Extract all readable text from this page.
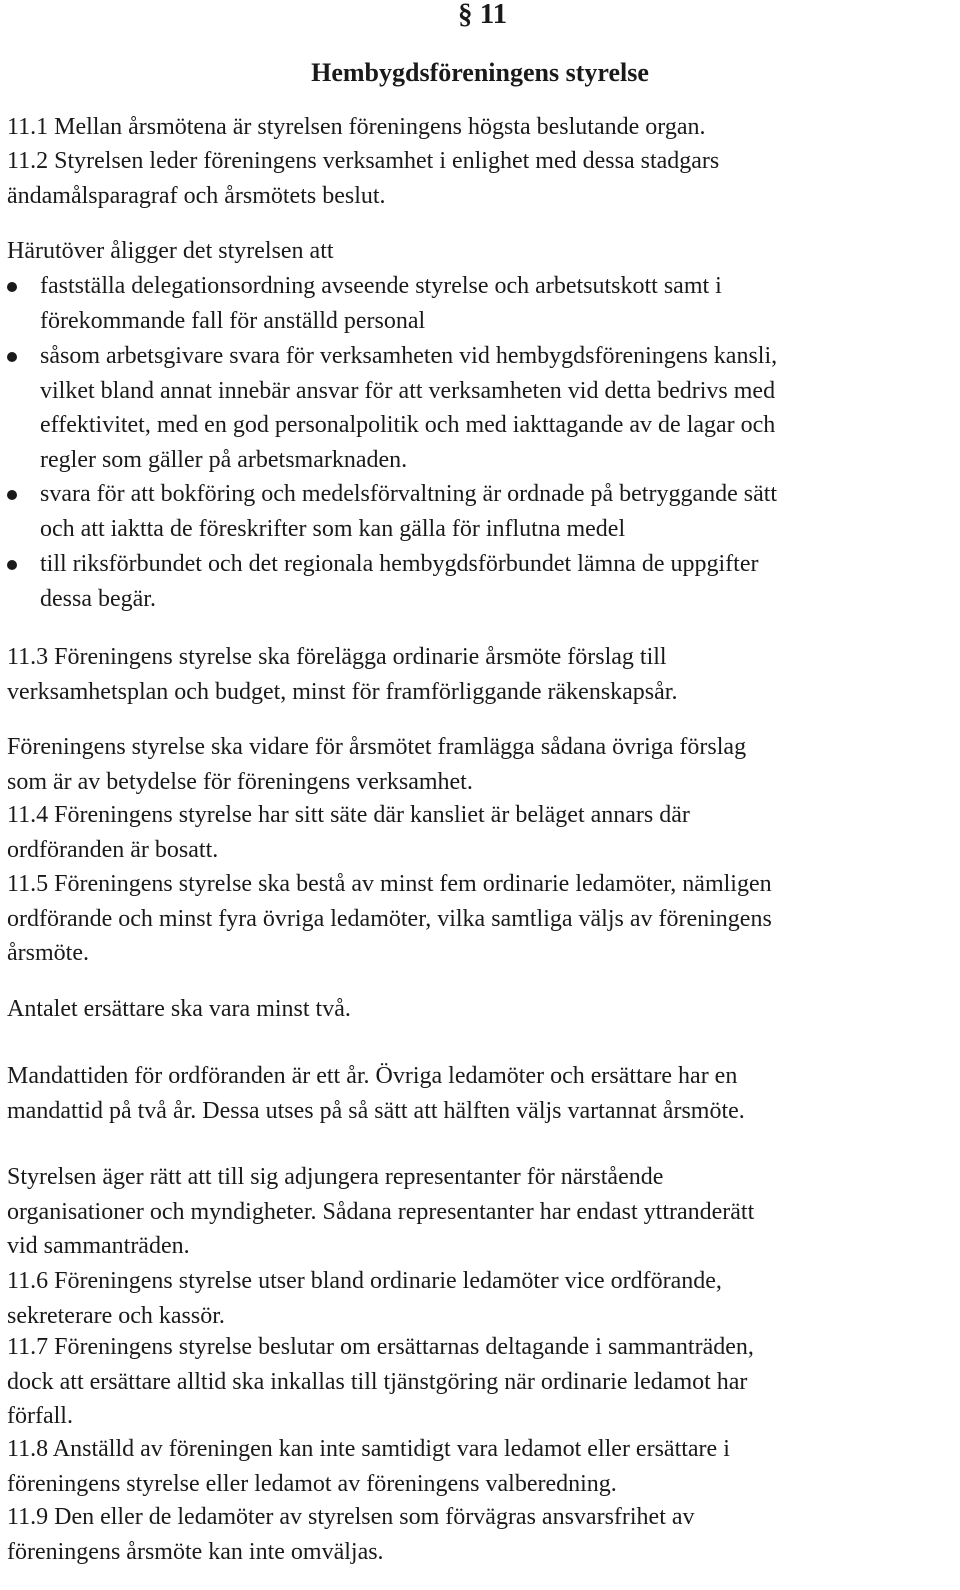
§ 11
Hembygdsföreningens styrelse
11.1 Mellan årsmötena är styrelsen föreningens högsta beslutande organ.
11.2 Styrelsen leder föreningens verksamhet i enlighet med dessa stadgars
ändamålsparagraf och årsmötets beslut.
Härutöver åligger det styrelsen att
fastställa delegationsordning avseende styrelse och arbetsutskott samt i
förekommande fall för anställd personal
såsom arbetsgivare svara för verksamheten vid hembygdsföreningens kansli,
vilket bland annat innebär ansvar för att verksamheten vid detta bedrivs med
effektivitet, med en god personalpolitik och med iakttagande av de lagar och
regler som gäller på arbetsmarknaden.
svara för att bokföring och medelsförvaltning är ordnade på betryggande sätt
och att iaktta de föreskrifter som kan gälla för influtna medel
till riksförbundet och det regionala hembygdsförbundet lämna de uppgifter
dessa begär.
11.3 Föreningens styrelse ska förelägga ordinarie årsmöte förslag till
verksamhetsplan och budget, minst för framförliggande räkenskapsår.
Föreningens styrelse ska vidare för årsmötet framlägga sådana övriga förslag
som är av betydelse för föreningens verksamhet.
11.4 Föreningens styrelse har sitt säte där kansliet är beläget annars där
ordföranden är bosatt.
11.5 Föreningens styrelse ska bestå av minst fem ordinarie ledamöter, nämligen
ordförande och minst fyra övriga ledamöter, vilka samtliga väljs av föreningens
årsmöte.
Antalet ersättare ska vara minst två.
Mandattiden för ordföranden är ett år. Övriga ledamöter och ersättare har en
mandattid på två år. Dessa utses på så sätt att hälften väljs vartannat årsmöte.
Styrelsen äger rätt att till sig adjungera representanter för närstående
organisationer och myndigheter. Sådana representanter har endast yttranderätt
vid sammanträden.
11.6 Föreningens styrelse utser bland ordinarie ledamöter vice ordförande,
sekreterare och kassör.
11.7 Föreningens styrelse beslutar om ersättarnas deltagande i sammanträden,
dock att ersättare alltid ska inkallas till tjänstgöring när ordinarie ledamot har
förfall.
11.8 Anställd av föreningen kan inte samtidigt vara ledamot eller ersättare i
föreningens styrelse eller ledamot av föreningens valberedning.
11.9 Den eller de ledamöter av styrelsen som förvägras ansvarsfrihet av
föreningens årsmöte kan inte omväljas.
